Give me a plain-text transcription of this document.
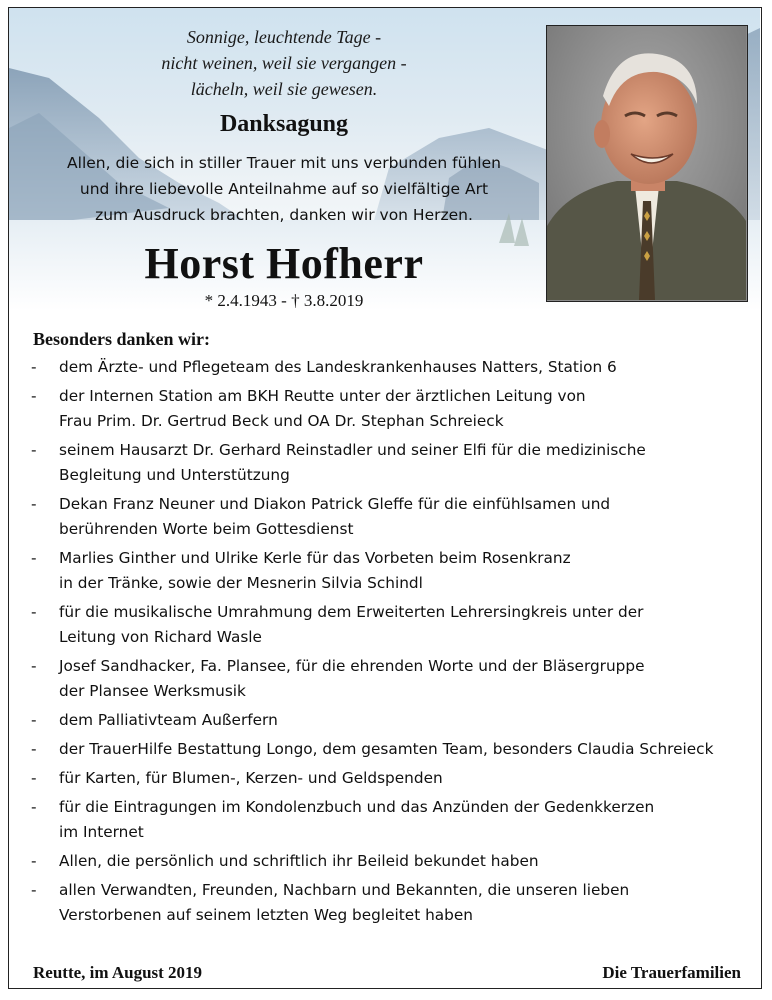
Sonnige, leuchtende Tage -
nicht weinen, weil sie vergangen -
lächeln, weil sie gewesen.
Danksagung
Allen, die sich in stiller Trauer mit uns verbunden fühlen
und ihre liebevolle Anteilnahme auf so vielfältige Art
zum Ausdruck brachten, danken wir von Herzen.
Horst Hofherr
* 2.4.1943 - † 3.8.2019
Besonders danken wir:
- dem Ärzte- und Pflegeteam des Landeskrankenhauses Natters, Station 6
- der Internen Station am BKH Reutte unter der ärztlichen Leitung von
Frau Prim. Dr. Gertrud Beck und OA Dr. Stephan Schreieck
- seinem Hausarzt Dr. Gerhard Reinstadler und seiner Elfi für die medizinische
Begleitung und Unterstützung
- Dekan Franz Neuner und Diakon Patrick Gleffe für die einfühlsamen und
berührenden Worte beim Gottesdienst
- Marlies Ginther und Ulrike Kerle für das Vorbeten beim Rosenkranz
in der Tränke, sowie der Mesnerin Silvia Schindl
- für die musikalische Umrahmung dem Erweiterten Lehrersingkreis unter der
Leitung von Richard Wasle
- Josef Sandhacker, Fa. Plansee, für die ehrenden Worte und der Bläsergruppe
der Plansee Werksmusik
- dem Palliativteam Außerfern
- der TrauerHilfe Bestattung Longo, dem gesamten Team, besonders Claudia Schreieck
- für Karten, für Blumen-, Kerzen- und Geldspenden
- für die Eintragungen im Kondolenzbuch und das Anzünden der Gedenkkerzen
im Internet
- Allen, die persönlich und schriftlich ihr Beileid bekundet haben
- allen Verwandten, Freunden, Nachbarn und Bekannten, die unseren lieben
Verstorbenen auf seinem letzten Weg begleitet haben
Reutte, im August 2019	Die Trauerfamilien
